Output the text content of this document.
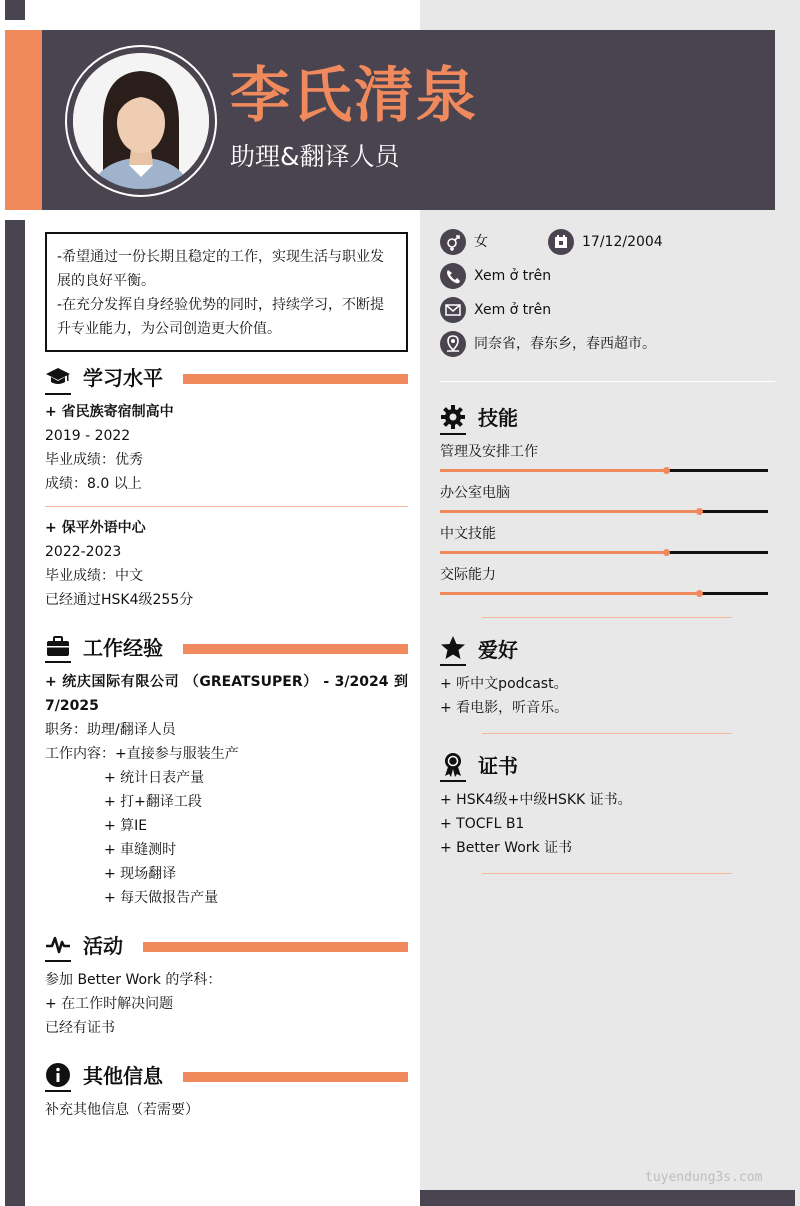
李氏清泉
助理&翻译人员
-希望通过一份长期且稳定的工作，实现生活与职业发展的良好平衡。
-在充分发挥自身经验优势的同时，持续学习，不断提升专业能力，为公司创造更大价值。
学习水平
+ 省民族寄宿制高中
2019 - 2022
毕业成绩：优秀
成绩：8.0 以上
+ 保平外语中心
2022-2023
毕业成绩：中文
已经通过HSK4级255分
工作经验
+ 统庆国际有限公司 （GREATSUPER） - 3/2024 到 7/2025
职务：助理/翻译人员
工作内容： +直接参与服装生产
+ 统计日表产量
+ 打+翻译工段
+ 算IE
+ 車缝测时
+ 现场翻译
+ 每天做报告产量
活动
参加 Better Work 的学科：
+ 在工作时解决问题
已经有证书
其他信息
补充其他信息（若需要）
女	17/12/2004
Xem ở trên
Xem ở trên
同奈省，春东乡，春西超市。
技能
管理及安排工作
办公室电脑
中文技能
交际能力
爱好
+ 听中文podcast。
+ 看电影，听音乐。
证书
+ HSK4级+中级HSKK 证书。
+ TOCFL B1
+ Better Work 证书
tuyendung3s.com
